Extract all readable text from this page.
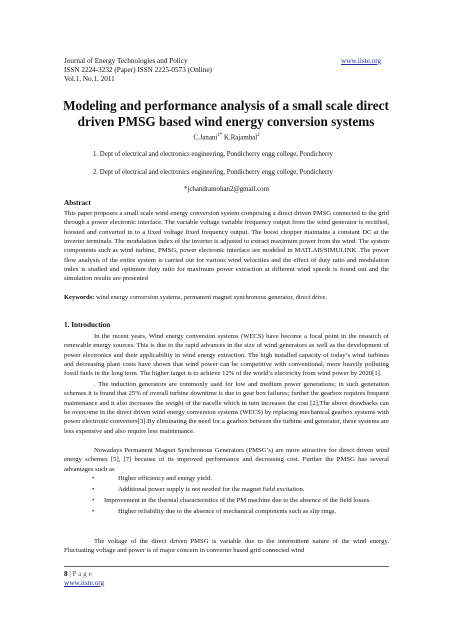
Journal of Energy Technologies and Policy	www.iiste.org
ISSN 2224-3232 (Paper) ISSN 2225-0573 (Online)
Vol.1, No.1, 2011
Modeling and performance analysis of a small scale direct driven PMSG based wind energy conversion systems
C.Janani$^{1*}$ K.Rajambal$^2$
1. Dept of electrical and electronics engineering, Pondicherry engg college, Pondicherry
2. Dept of electrical and electronics engineering, Pondicherry engg college, Pondicherry
*jchandramohan2@gmail.com
Abstract
This paper proposes a small scale wind energy conversion system comprising a direct driven PMSG connected to the grid through a power electronic interface. The variable voltage variable frequency output from the wind generator is rectified, boosted and converted in to a fixed voltage fixed frequency output. The boost chopper maintains a constant DC at the inverter terminals. The modulation index of the inverter is adjusted to extract maximum power from the wind. The system components such as wind turbine, PMSG, power electronic interface are modeled in MATLAB/SIMULINK .The power flow analysis of the entire system is carried out for various wind velocities and the effect of duty ratio and modulation index is studied and optimum duty ratio for maximum power extraction at different wind speeds is found out and the simulation results are presented
Keywords: wind energy conversion systems, permanent magnet synchronous generator, direct drive.
1. Introduction
In the recent years, Wind energy conversion systems (WECS) have become a focal point in the research of renewable energy sources. This is due to the rapid advances in the size of wind generators as well as the development of power electronics and their applicability in wind energy extraction. The high installed capacity of today’s wind turbines and decreasing plant costs have shown that wind power can be competitive with conventional, more heavily polluting fossil fuels in the long term. The higher target is to achieve 12% of the world’s electricity from wind power by 2020[1].
. The induction generators are commonly used for low and medium power generations; in such generation schemes it is found that 25% of overall turbine downtime is due to gear box failures; further the gearbox requires frequent maintenance and it also increases the weight of the nacelle which in turn increases the cost [2].The above drawbacks can be overcome in the direct driven wind energy conversion systems (WECS) by replacing mechanical gearbox systems with power electronic converters[3].By eliminating the need for a gearbox between the turbine and generator, these systems are less expensive and also require less maintenance.
Nowadays Permanent Magnet Synchronous Generators (PMSG’s) are more attractive for direct driven wind energy schemes [5], [7] because of its improved performance and decreasing cost. Further the PMSG has several advantages such as
•	Higher efficiency and energy yield.
•	Additional power supply is not needed for the magnet field excitation.
• Improvement in the thermal characteristics of the PM machine due to the absence of the field losses.
•	Higher reliability due to the absence of mechanical components such as slip rings.
The voltage of the direct driven PMSG is variable due to the intermittent nature of the wind energy. Fluctuating voltage and power is of major concern in converter based grid connected wind
8 | P a g e
www.iiste.org
